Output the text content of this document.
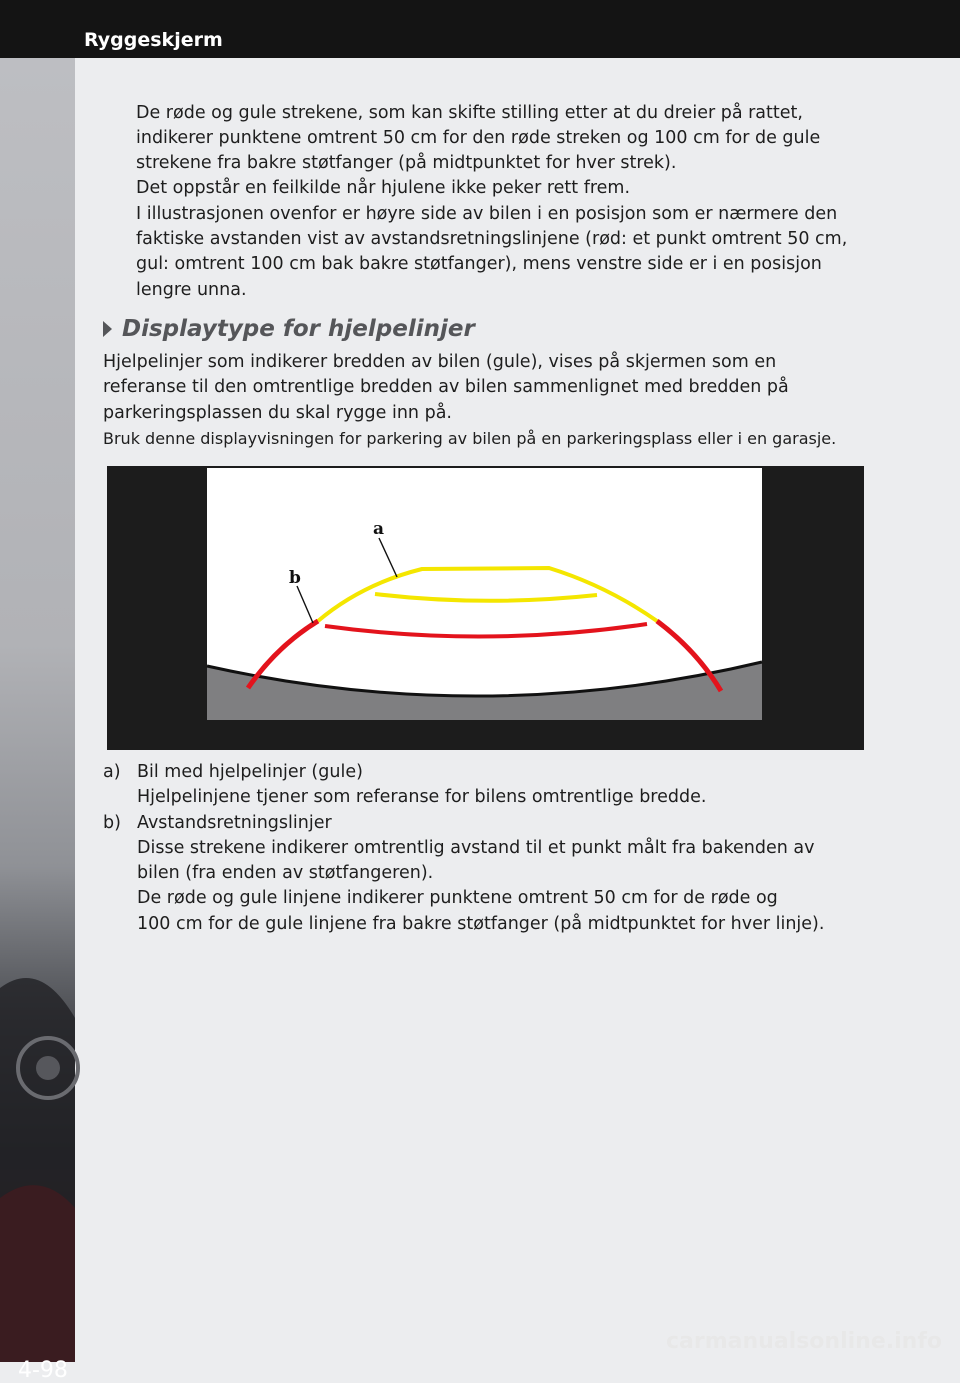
Ryggeskjerm
4-98

De røde og gule strekene, som kan skifte stilling etter at du dreier på rattet,

indikerer punktene omtrent 50 cm for den røde streken og 100 cm for de gule

strekene fra bakre støtfanger (på midtpunktet for hver strek).

Det oppstår en feilkilde når hjulene ikke peker rett frem.

I illustrasjonen ovenfor er høyre side av bilen i en posisjon som er nærmere den

faktiske avstanden vist av avstandsretningslinjene (rød: et punkt omtrent 50 cm,

gul: omtrent 100 cm bak bakre støtfanger), mens venstre side er i en posisjon

lengre unna.

Displaytype for hjelpelinjer

Hjelpelinjer som indikerer bredden av bilen (gule), vises på skjermen som en

referanse til den omtrentlige bredden av bilen sammenlignet med bredden på

parkeringsplassen du skal rygge inn på.

Bruk denne displayvisningen for parkering av bilen på en parkeringsplass eller i en garasje.

a
b
a) Bil med hjelpelinjer (gule)
Hjelpelinjene tjener som referanse for bilens omtrentlige bredde.
b) Avstandsretningslinjer
Disse strekene indikerer omtrentlig avstand til et punkt målt fra bakenden av
bilen (fra enden av støtfangeren).
De røde og gule linjene indikerer punktene omtrent 50 cm for de røde og
100 cm for de gule linjene fra bakre støtfanger (på midtpunktet for hver linje).
carmanualsonline.info
